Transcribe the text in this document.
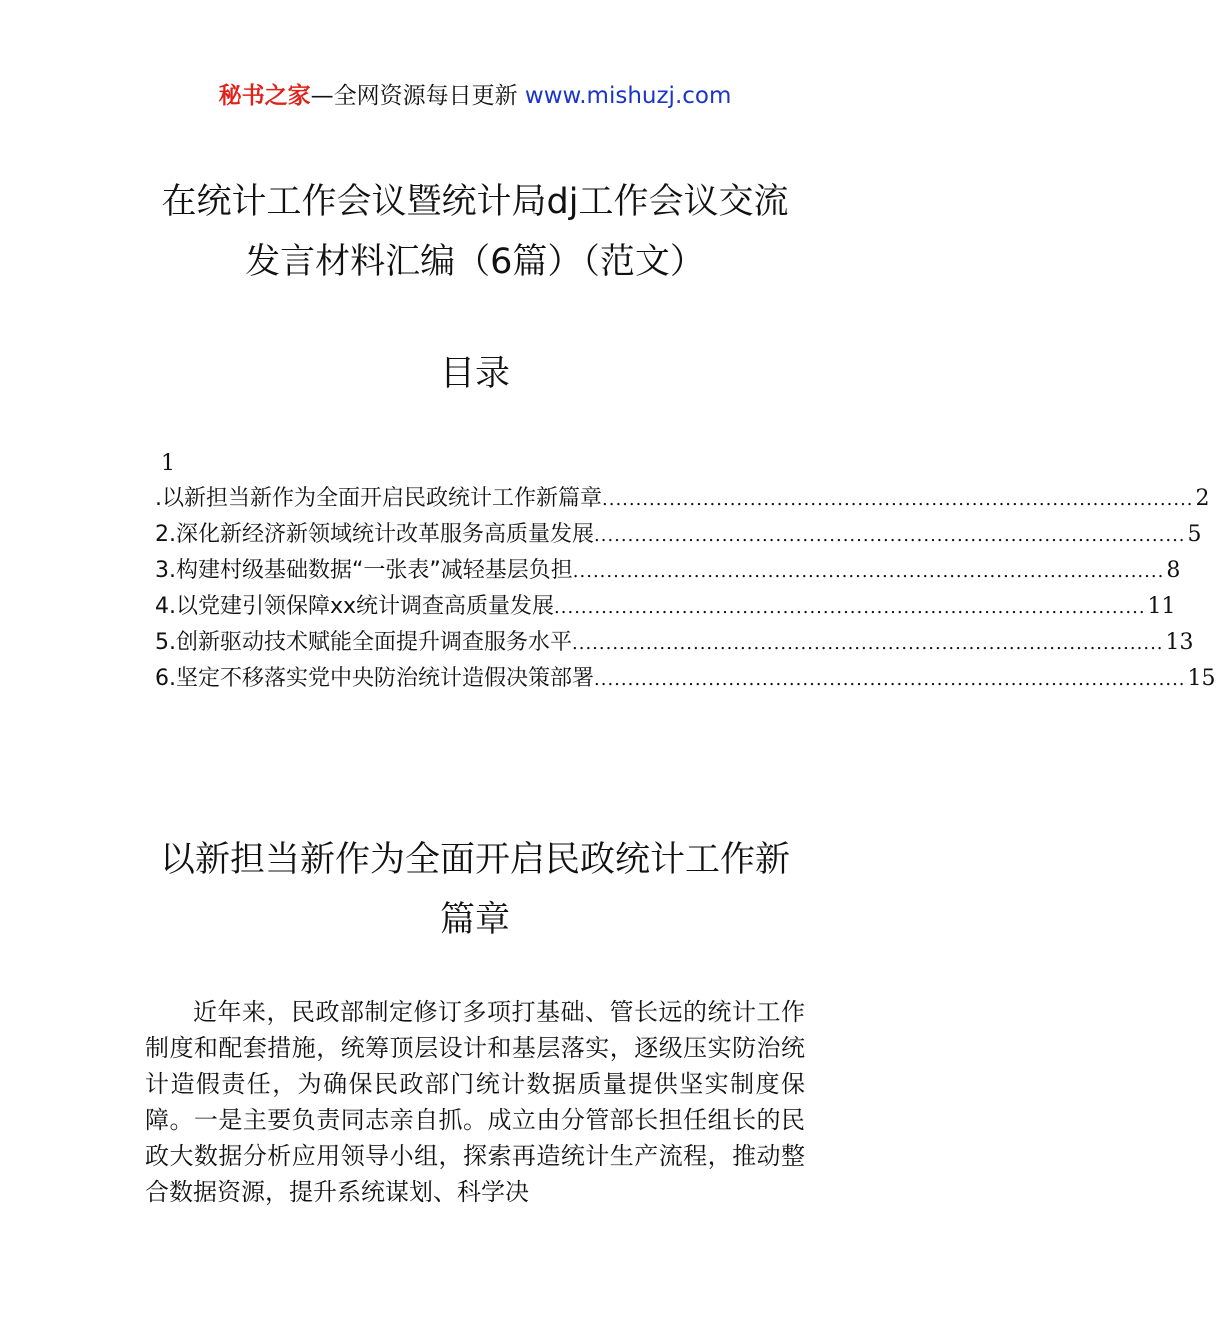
秘书之家—全网资源每日更新 www.mishuzj.com
在统计工作会议暨统计局dj工作会议交流
发言材料汇编（6篇）（范文）
目录
1
.以新担当新作为全面开启民政统计工作新篇章 ........................................................................................ 2
2.深化新经济新领域统计改革服务高质量发展 ........................................................................................ 5
3.构建村级基础数据“一张表”减轻基层负担 ........................................................................................ 8
4.以党建引领保障xx统计调查高质量发展 ........................................................................................ 11
5.创新驱动技术赋能全面提升调查服务水平 ........................................................................................ 13
6.坚定不移落实党中央防治统计造假决策部署 ........................................................................................ 15
以新担当新作为全面开启民政统计工作新
篇章
近年来，民政部制定修订多项打基础、管长远的统计工作制度和配套措施，统筹顶层设计和基层落实，逐级压实防治统计造假责任，为确保民政部门统计数据质量提供坚实制度保障。一是主要负责同志亲自抓。成立由分管部长担任组长的民政大数据分析应用领导小组，探索再造统计生产流程，推动整合数据资源，提升系统谋划、科学决
